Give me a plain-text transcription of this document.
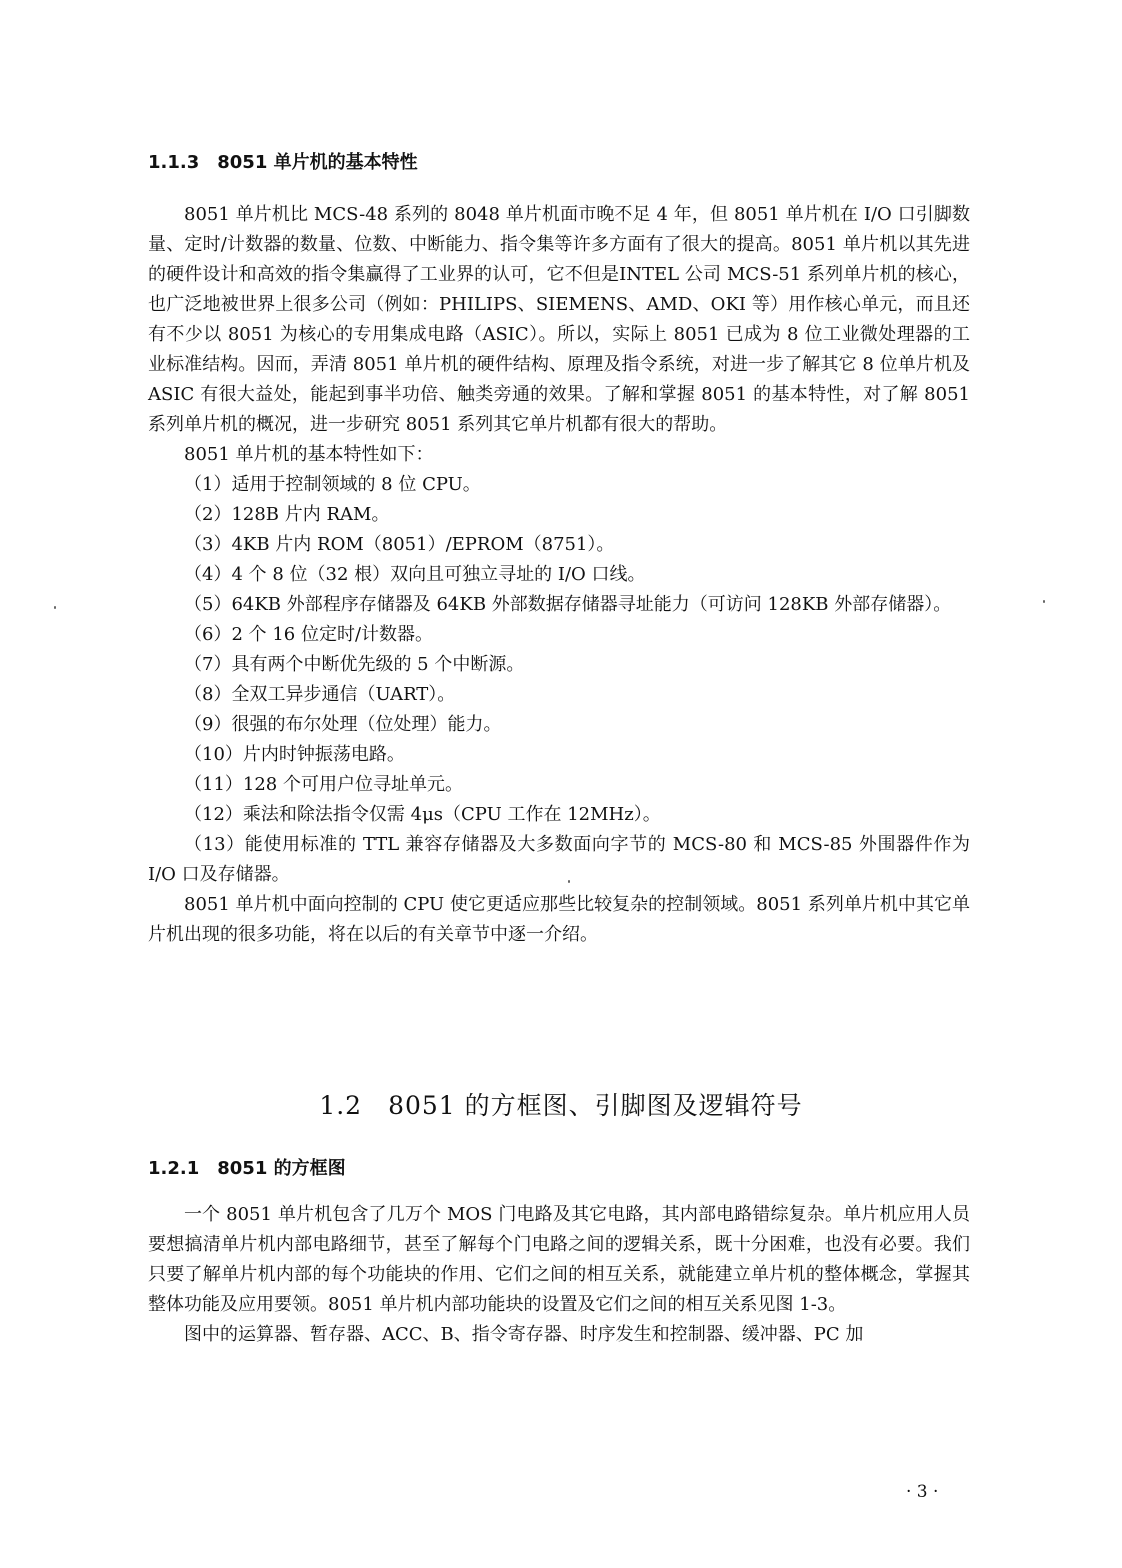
1.1.3　8051 单片机的基本特性

8051 单片机比 MCS-48 系列的 8048 单片机面市晚不足 4 年，但 8051 单片机在 I/O 口引脚数量、定时/计数器的数量、位数、中断能力、指令集等许多方面有了很大的提高。8051 单片机以其先进的硬件设计和高效的指令集赢得了工业界的认可，它不但是INTEL 公司 MCS-51 系列单片机的核心，也广泛地被世界上很多公司（例如：PHILIPS、SIEMENS、AMD、OKI 等）用作核心单元，而且还有不少以 8051 为核心的专用集成电路（ASIC）。所以，实际上 8051 已成为 8 位工业微处理器的工业标准结构。因而，弄清 8051 单片机的硬件结构、原理及指令系统，对进一步了解其它 8 位单片机及 ASIC 有很大益处，能起到事半功倍、触类旁通的效果。了解和掌握 8051 的基本特性，对了解 8051 系列单片机的概况，进一步研究 8051 系列其它单片机都有很大的帮助。

8051 单片机的基本特性如下：

（1）适用于控制领域的 8 位 CPU。

（2）128B 片内 RAM。

（3）4KB 片内 ROM（8051）/EPROM（8751）。

（4）4 个 8 位（32 根）双向且可独立寻址的 I/O 口线。

（5）64KB 外部程序存储器及 64KB 外部数据存储器寻址能力（可访问 128KB 外部存储器）。

（6）2 个 16 位定时/计数器。

（7）具有两个中断优先级的 5 个中断源。

（8）全双工异步通信（UART）。

（9）很强的布尔处理（位处理）能力。

（10）片内时钟振荡电路。

（11）128 个可用户位寻址单元。

（12）乘法和除法指令仅需 4μs（CPU 工作在 12MHz）。

（13）能使用标准的 TTL 兼容存储器及大多数面向字节的 MCS-80 和 MCS-85 外围器件作为 I/O 口及存储器。

8051 单片机中面向控制的 CPU 使它更适应那些比较复杂的控制领域。8051 系列单片机中其它单片机出现的很多功能，将在以后的有关章节中逐一介绍。

1.2　8051 的方框图、引脚图及逻辑符号
1.2.1　8051 的方框图

一个 8051 单片机包含了几万个 MOS 门电路及其它电路，其内部电路错综复杂。单片机应用人员要想搞清单片机内部电路细节，甚至了解每个门电路之间的逻辑关系，既十分困难，也没有必要。我们只要了解单片机内部的每个功能块的作用、它们之间的相互关系，就能建立单片机的整体概念，掌握其整体功能及应用要领。8051 单片机内部功能块的设置及它们之间的相互关系见图 1-3。

图中的运算器、暂存器、ACC、B、指令寄存器、时序发生和控制器、缓冲器、PC 加

· 3 ·
